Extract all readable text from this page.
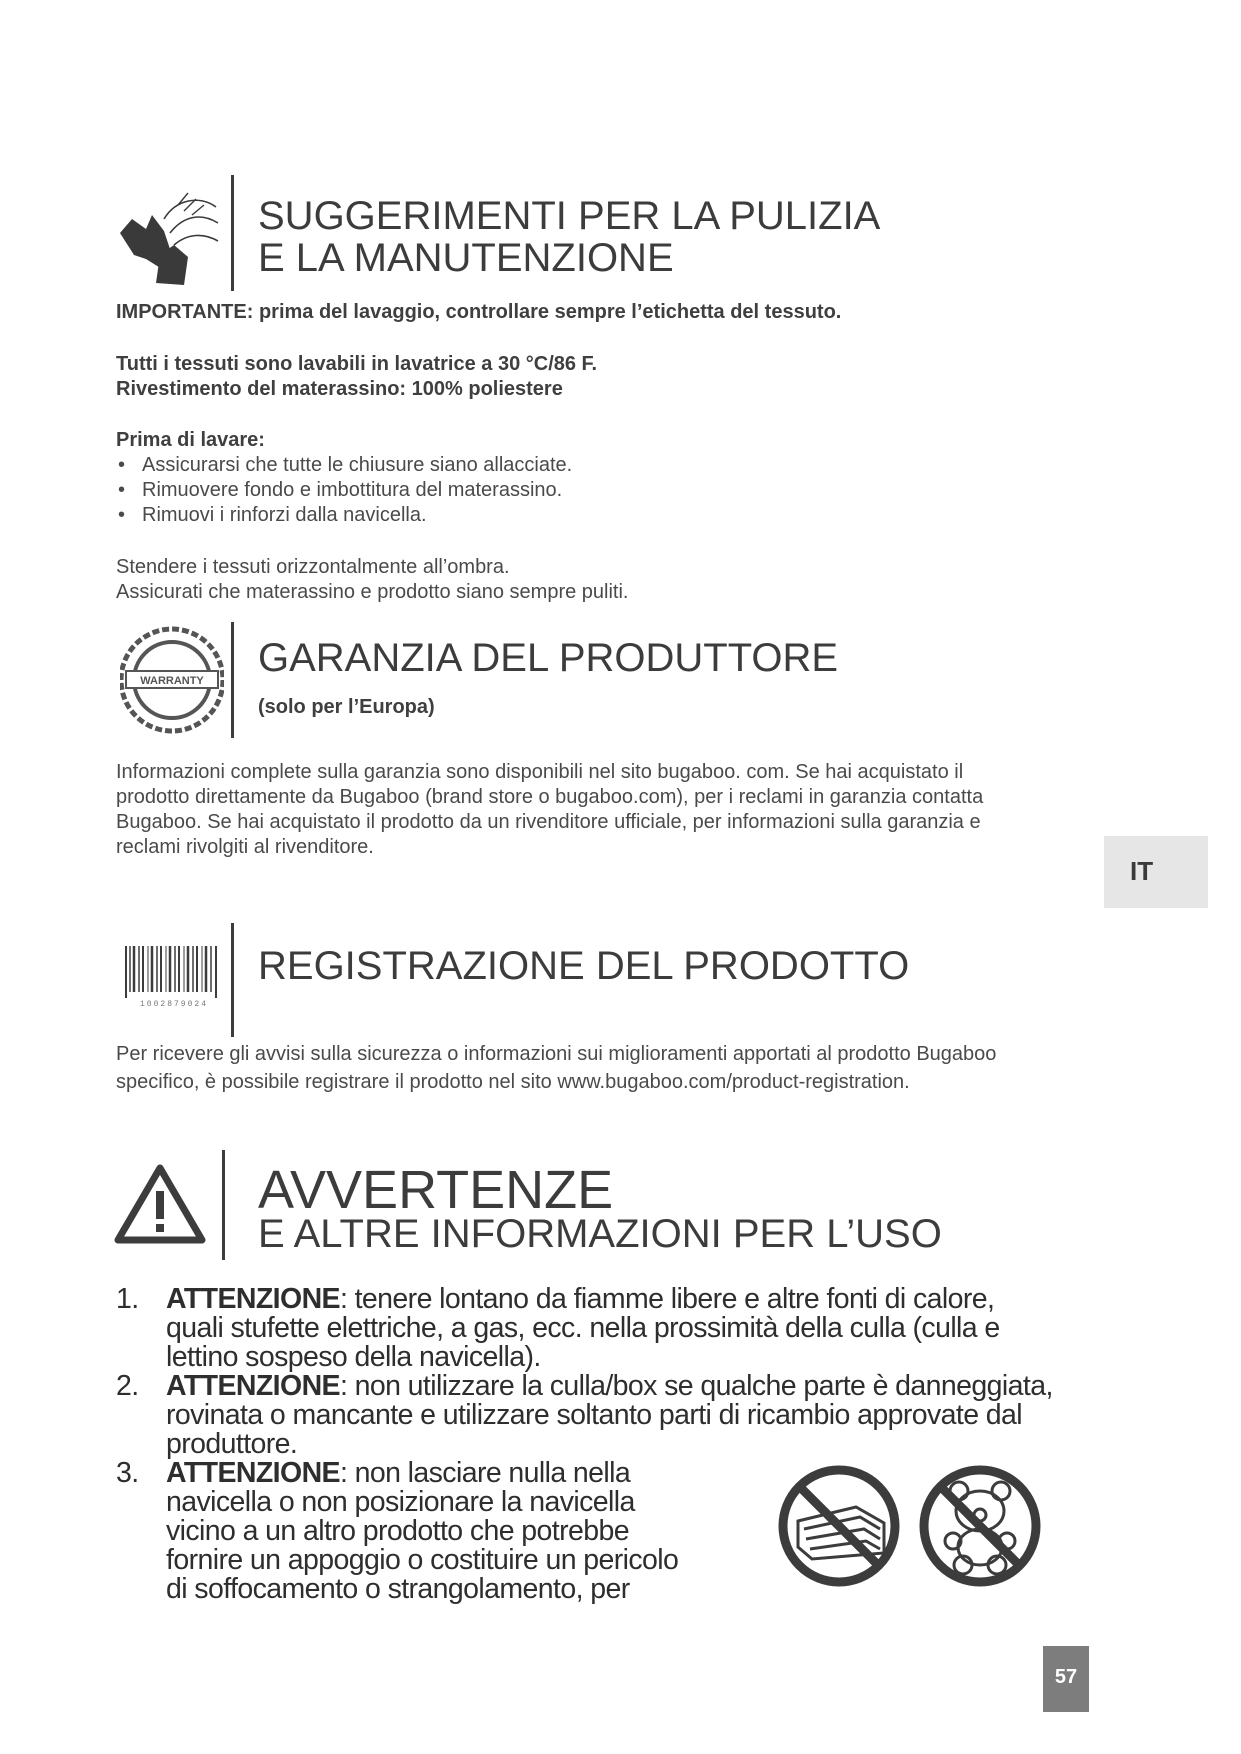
SUGGERIMENTI PER LA PULIZIA
E LA MANUTENZIONE

IMPORTANTE: prima del lavaggio, controllare sempre l’etichetta del tessuto.

Tutti i tessuti sono lavabili in lavatrice a 30 °C/86 F.

Rivestimento del materassino: 100% poliestere

Prima di lavare:

• Assicurarsi che tutte le chiusure siano allacciate.
• Rimuovere fondo e imbottitura del materassino.
• Rimuovi i rinforzi dalla navicella.

Stendere i tessuti orizzontalmente all’ombra.

Assicurati che materassino e prodotto siano sempre puliti.

WARRANTY
GARANZIA DEL PRODUTTORE

(solo per l’Europa)

Informazioni complete sulla garanzia sono disponibili nel sito bugaboo. com. Se hai acquistato il
prodotto direttamente da Bugaboo (brand store o bugaboo.com), per i reclami in garanzia contatta
Bugaboo. Se hai acquistato il prodotto da un rivenditore ufficiale, per informazioni sulla garanzia e
reclami rivolgiti al rivenditore.
IT
1002879024
REGISTRAZIONE DEL PRODOTTO
Per ricevere gli avvisi sulla sicurezza o informazioni sui miglioramenti apportati al prodotto Bugaboo
specifico, è possibile registrare il prodotto nel sito www.bugaboo.com/product-registration.
AVVERTENZE
E ALTRE INFORMAZIONI PER L’USO
1. ATTENZIONE: tenere lontano da fiamme libere e altre fonti di calore,
quali stufette elettriche, a gas, ecc. nella prossimità della culla (culla e
lettino sospeso della navicella).
2. ATTENZIONE: non utilizzare la culla/box se qualche parte è danneggiata,
rovinata o mancante e utilizzare soltanto parti di ricambio approvate dal
produttore.
3. ATTENZIONE: non lasciare nulla nella
navicella o non posizionare la navicella
vicino a un altro prodotto che potrebbe
fornire un appoggio o costituire un pericolo
di soffocamento o strangolamento, per
57
